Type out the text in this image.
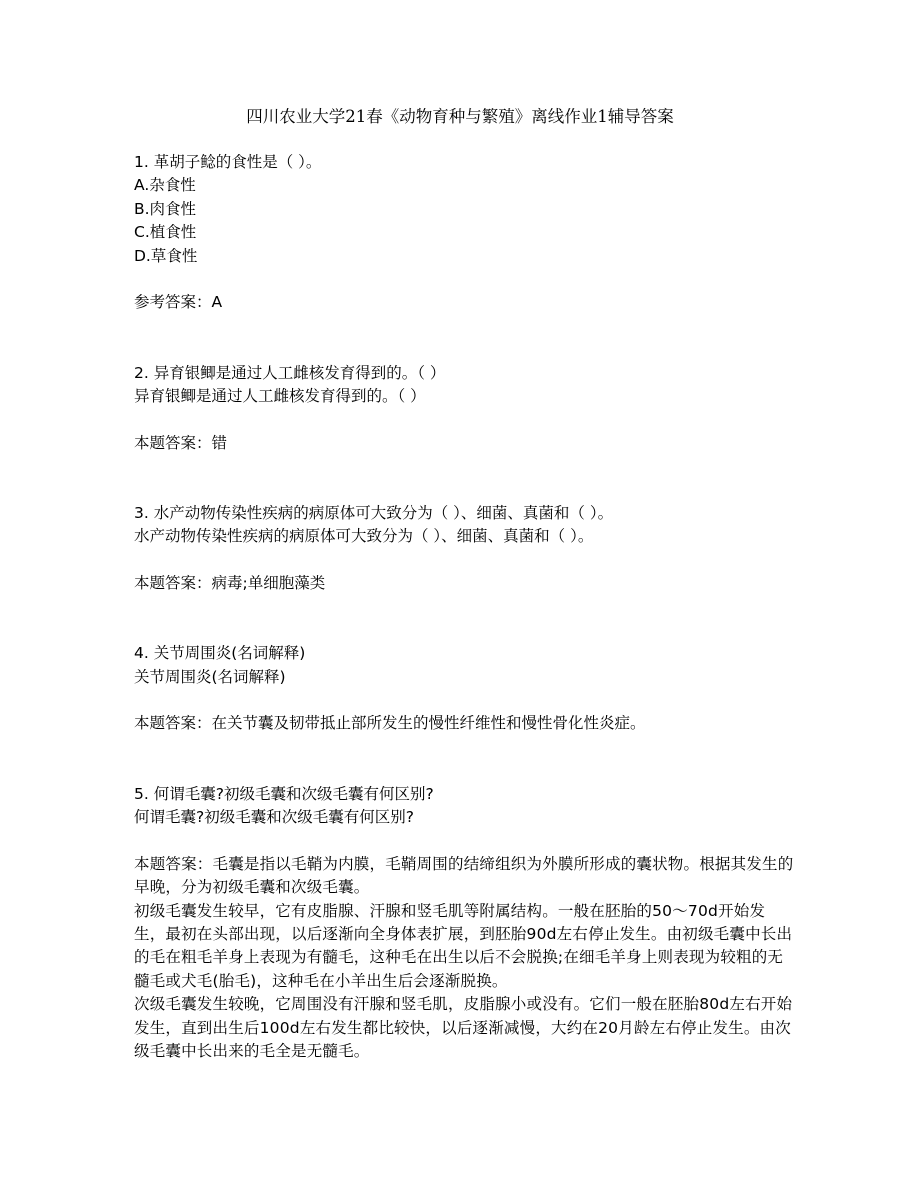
四川农业大学21春《动物育种与繁殖》离线作业1辅导答案
1. 革胡子鲶的食性是（ ）。
A.杂食性
B.肉食性
C.植食性
D.草食性
参考答案：A
2. 异育银鲫是通过人工雌核发育得到的。（ ）
异育银鲫是通过人工雌核发育得到的。（ ）
本题答案：错
3. 水产动物传染性疾病的病原体可大致分为（ ）、细菌、真菌和（ ）。
水产动物传染性疾病的病原体可大致分为（ ）、细菌、真菌和（ ）。
本题答案：病毒;单细胞藻类
4. 关节周围炎(名词解释)
关节周围炎(名词解释)
本题答案：在关节囊及韧带抵止部所发生的慢性纤维性和慢性骨化性炎症。
5. 何谓毛囊?初级毛囊和次级毛囊有何区别?
何谓毛囊?初级毛囊和次级毛囊有何区别?
本题答案：毛囊是指以毛鞘为内膜，毛鞘周围的结缔组织为外膜所形成的囊状物。根据其发生的早晚，分为初级毛囊和次级毛囊。
初级毛囊发生较早，它有皮脂腺、汗腺和竖毛肌等附属结构。一般在胚胎的50～70d开始发生，最初在头部出现，以后逐渐向全身体表扩展，到胚胎90d左右停止发生。由初级毛囊中长出的毛在粗毛羊身上表现为有髓毛，这种毛在出生以后不会脱换;在细毛羊身上则表现为较粗的无髓毛或犬毛(胎毛)，这种毛在小羊出生后会逐渐脱换。
次级毛囊发生较晚，它周围没有汗腺和竖毛肌，皮脂腺小或没有。它们一般在胚胎80d左右开始发生，直到出生后100d左右发生都比较快，以后逐渐减慢，大约在20月龄左右停止发生。由次级毛囊中长出来的毛全是无髓毛。
